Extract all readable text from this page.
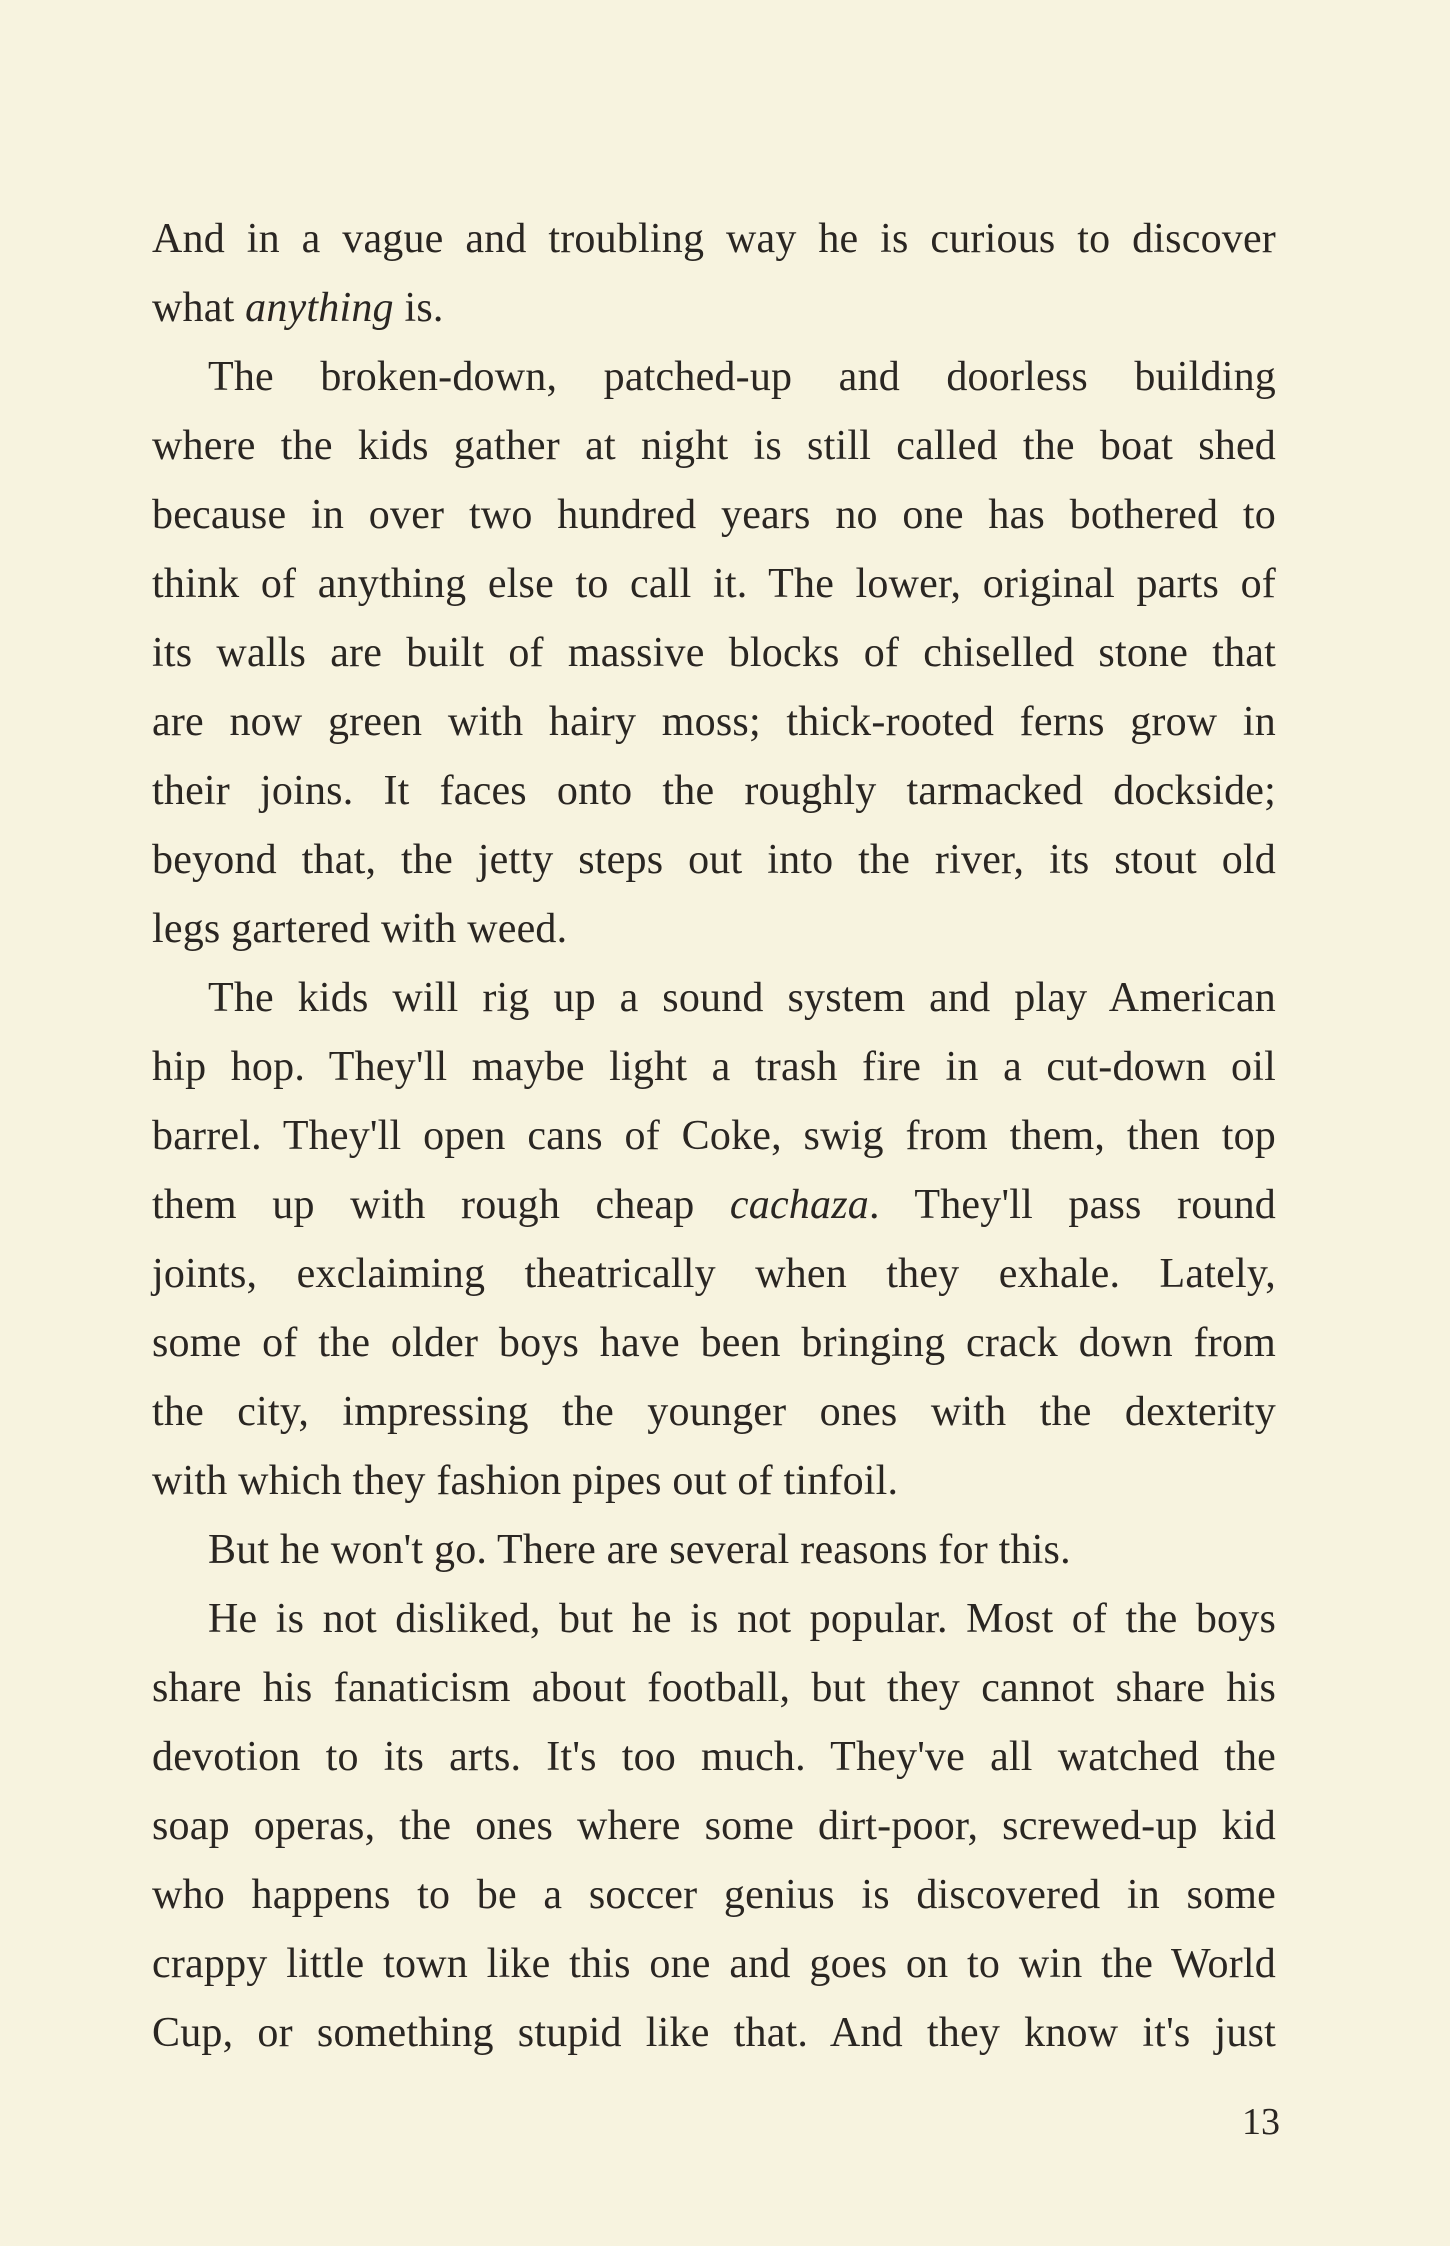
And in a vague and troubling way he is curious to discover
what anything is.
The broken-down, patched-up and doorless building
where the kids gather at night is still called the boat shed
because in over two hundred years no one has bothered to
think of anything else to call it. The lower, original parts of
its walls are built of massive blocks of chiselled stone that
are now green with hairy moss; thick-rooted ferns grow in
their joins. It faces onto the roughly tarmacked dockside;
beyond that, the jetty steps out into the river, its stout old
legs gartered with weed.
The kids will rig up a sound system and play American
hip hop. They'll maybe light a trash fire in a cut-down oil
barrel. They'll open cans of Coke, swig from them, then top
them up with rough cheap cachaza. They'll pass round
joints, exclaiming theatrically when they exhale. Lately,
some of the older boys have been bringing crack down from
the city, impressing the younger ones with the dexterity
with which they fashion pipes out of tinfoil.
But he won't go. There are several reasons for this.
He is not disliked, but he is not popular. Most of the boys
share his fanaticism about football, but they cannot share his
devotion to its arts. It's too much. They've all watched the
soap operas, the ones where some dirt-poor, screwed-up kid
who happens to be a soccer genius is discovered in some
crappy little town like this one and goes on to win the World
Cup, or something stupid like that. And they know it's just
13
